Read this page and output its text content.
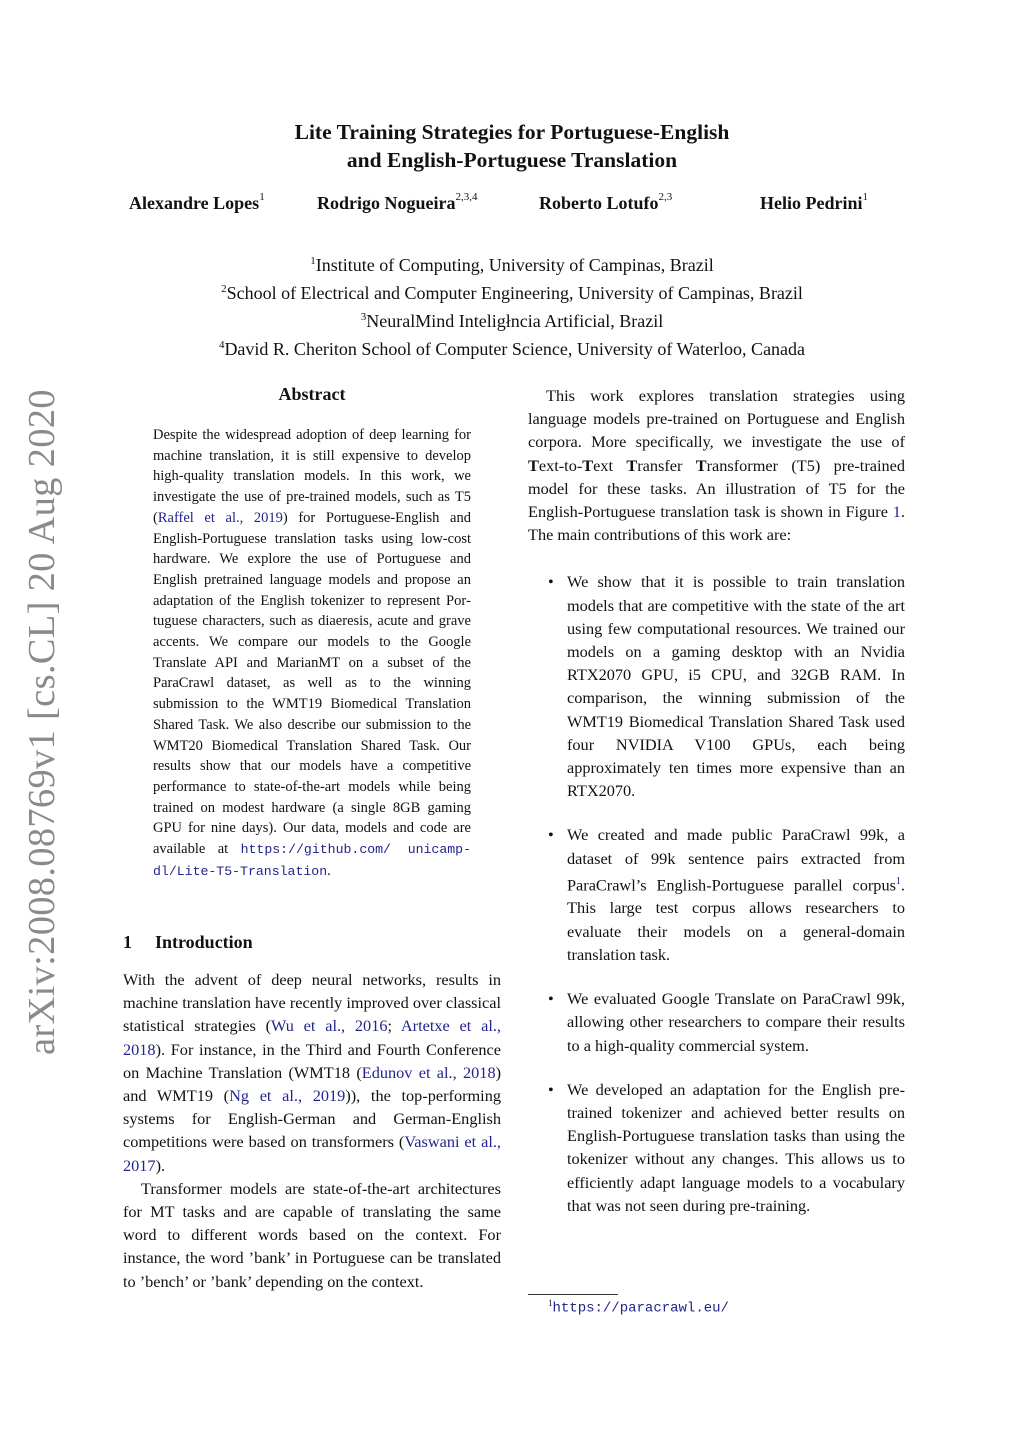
arXiv:2008.08769v1 [cs.CL] 20 Aug 2020
Lite Training Strategies for Portuguese-English
and English-Portuguese Translation
Alexandre Lopes$^1$	Rodrigo Nogueira$^{2,3,4}$	Roberto Lotufo$^{2,3}$	Helio Pedrini$^1$
$^1$Institute of Computing, University of Campinas, Brazil
$^2$School of Electrical and Computer Engineering, University of Campinas, Brazil
$^3$NeuralMind Inteligłncia Artificial, Brazil
$^4$David R. Cheriton School of Computer Science, University of Waterloo, Canada
Abstract
Despite the widespread adoption of deep learning for machine translation, it is still expensive to develop high-quality translation models. In this work, we investigate the use of pre-trained models, such as T5 (Raffel et al., 2019) for Portuguese-English and English-Portuguese translation tasks using low-cost hardware. We explore the use of Portuguese and English pretrained language models and propose an adaptation of the English tokenizer to represent Portuguese characters, such as diaeresis, acute and grave accents. We compare our models to the Google Translate API and MarianMT on a subset of the ParaCrawl dataset, as well as to the winning submission to the WMT19 Biomedical Translation Shared Task. We also describe our submission to the WMT20 Biomedical Translation Shared Task. Our results show that our models have a competitive performance to state-of-the-art models while being trained on modest hardware (a single 8GB gaming GPU for nine days). Our data, models and code are available at https://github.com/ unicamp-dl/Lite-T5-Translation.
1 Introduction

With the advent of deep neural networks, results in machine translation have recently improved over classical statistical strategies (Wu et al., 2016; Artetxe et al., 2018). For instance, in the Third and Fourth Conference on Machine Translation (WMT18 (Edunov et al., 2018) and WMT19 (Ng et al., 2019)), the top-performing systems for English-German and German-English competitions were based on transformers (Vaswani et al., 2017).

Transformer models are state-of-the-art architectures for MT tasks and are capable of translating the same word to different words based on the context. For instance, the word ’bank’ in Portuguese can be translated to ’bench’ or ’bank’ depending on the context.

This work explores translation strategies using language models pre-trained on Portuguese and English corpora. More specifically, we investigate the use of Text-to-Text Transfer Transformer (T5) pre-trained model for these tasks. An illustration of T5 for the English-Portuguese translation task is shown in Figure 1. The main contributions of this work are:

• We show that it is possible to train translation models that are competitive with the state of the art using few computational resources. We trained our models on a gaming desktop with an Nvidia RTX2070 GPU, i5 CPU, and 32GB RAM. In comparison, the winning submission of the WMT19 Biomedical Translation Shared Task used four NVIDIA V100 GPUs, each being approximately ten times more expensive than an RTX2070.
• We created and made public ParaCrawl 99k, a dataset of 99k sentence pairs extracted from ParaCrawl’s English-Portuguese parallel corpus$^1$. This large test corpus allows researchers to evaluate their models on a general-domain translation task.
• We evaluated Google Translate on ParaCrawl 99k, allowing other researchers to compare their results to a high-quality commercial system.
• We developed an adaptation for the English pre-trained tokenizer and achieved better results on English-Portuguese translation tasks than using the tokenizer without any changes. This allows us to efficiently adapt language models to a vocabulary that was not seen during pre-training.
$^1$https://paracrawl.eu/
